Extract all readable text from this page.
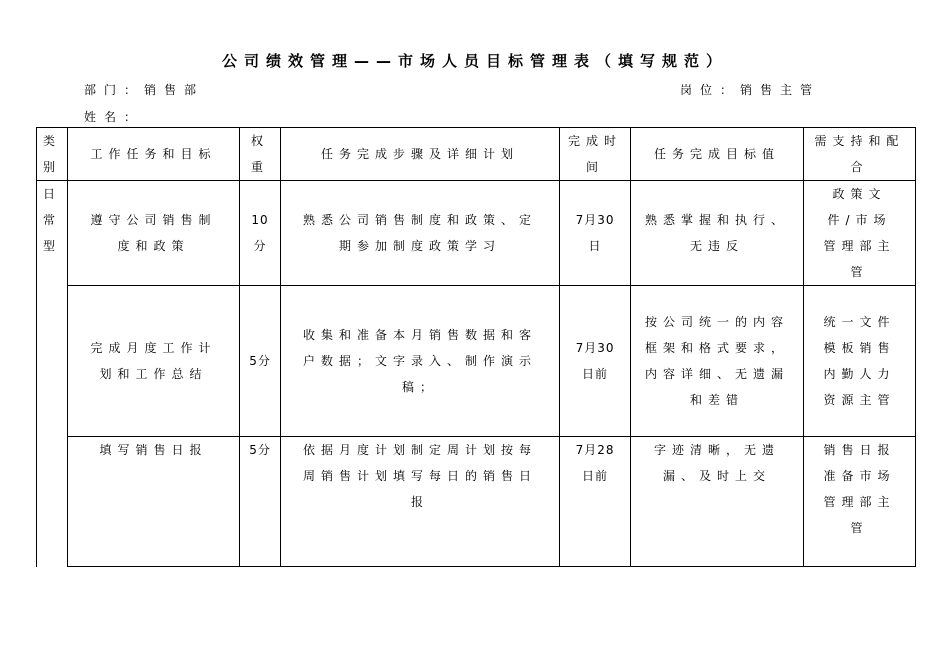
公司绩效管理——市场人员目标管理表（填写规范）
部门：销售部	岗位：销售主管
姓名：
类别	工作任务和目标	权重	任务完成步骤及详细计划	完成时间	任务完成目标值	需支持和配合
日常型	遵守公司销售制度和政策	10分	熟悉公司销售制度和政策、定期参加制度政策学习	7月30日	熟悉掌握和执行、无违反	政策文件/市场管理部主管
	完成月度工作计划和工作总结	5分	收集和准备本月销售数据和客户数据；文字录入、制作演示稿；	7月30日前	按公司统一的内容框架和格式要求，内容详细、无遗漏和差错	统一文件模板销售内勤人力资源主管
	填写销售日报	5分	依据月度计划制定周计划按每周销售计划填写每日的销售日报	7月28日前	字迹清晰，无遗漏、及时上交	销售日报准备市场管理部主管
